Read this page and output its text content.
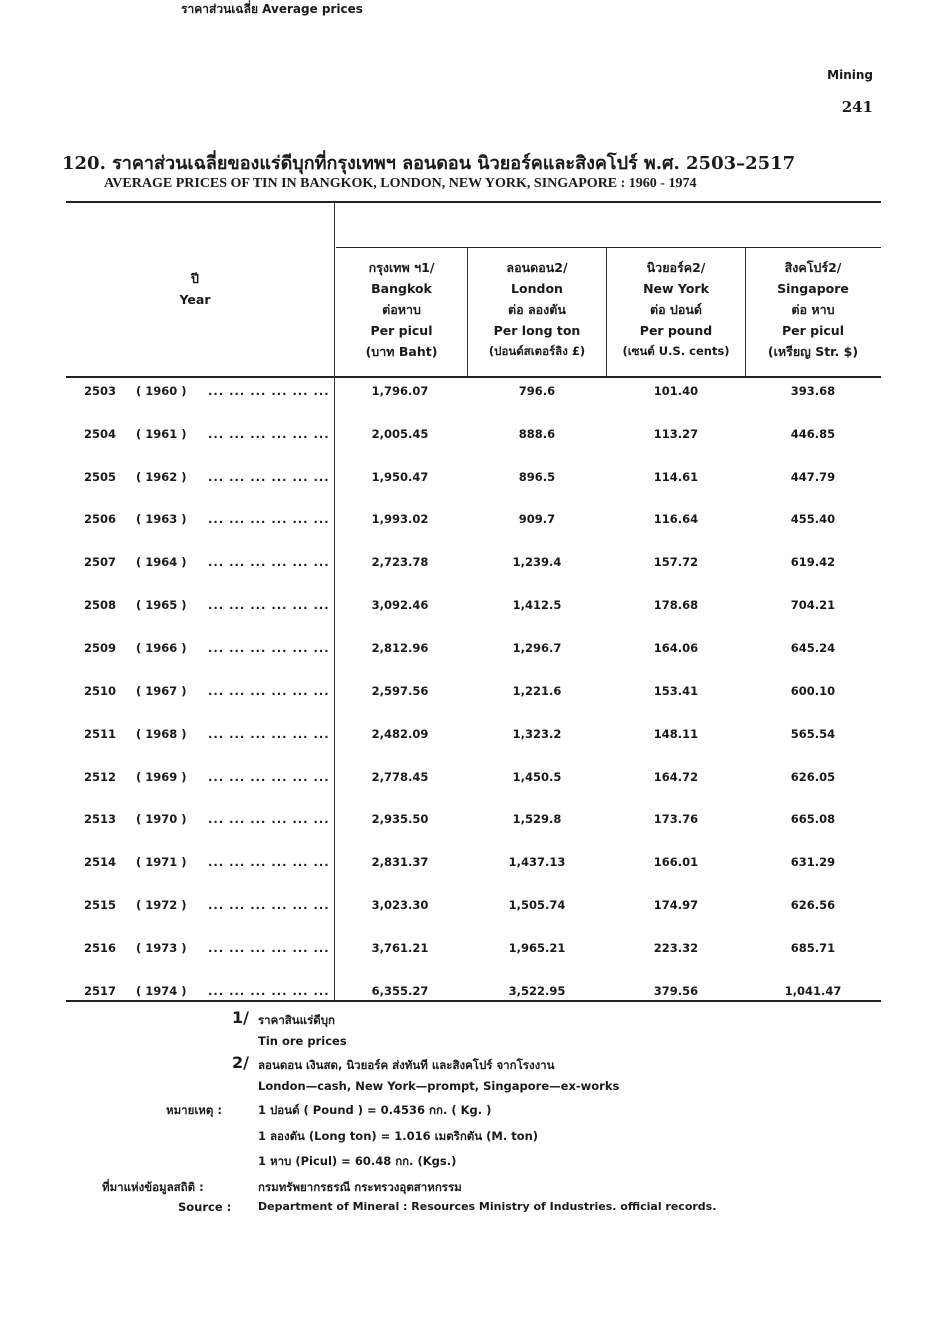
Mining
241
120. ราคาส่วนเฉลี่ยของแร่ดีบุกที่กรุงเทพฯ ลอนดอน นิวยอร์คและสิงคโปร์ พ.ศ. 2503–2517
AVERAGE PRICES OF TIN IN BANGKOK, LONDON, NEW YORK, SINGAPORE : 1960 - 1974
ราคาส่วนเฉลี่ย Average prices
ปี
Year
กรุงเทพ ฯ1/
Bangkok
ต่อหาบ
Per picul
(บาท Baht)
ลอนดอน2/
London
ต่อ ลองตัน
Per long ton
(ปอนด์สเตอร์ลิง £)
นิวยอร์ค2/
New York
ต่อ ปอนด์
Per pound
(เซนต์ U.S. cents)
สิงคโปร์2/
Singapore
ต่อ หาบ
Per picul
(เหรียญ Str. $)
2503 ( 1960 ) ... ... ... ... ... ...	1,796.07	796.6	101.40	393.68
2504 ( 1961 ) ... ... ... ... ... ...	2,005.45	888.6	113.27	446.85
2505 ( 1962 ) ... ... ... ... ... ...	1,950.47	896.5	114.61	447.79
2506 ( 1963 ) ... ... ... ... ... ...	1,993.02	909.7	116.64	455.40
2507 ( 1964 ) ... ... ... ... ... ...	2,723.78	1,239.4	157.72	619.42
2508 ( 1965 ) ... ... ... ... ... ...	3,092.46	1,412.5	178.68	704.21
2509 ( 1966 ) ... ... ... ... ... ...	2,812.96	1,296.7	164.06	645.24
2510 ( 1967 ) ... ... ... ... ... ...	2,597.56	1,221.6	153.41	600.10
2511 ( 1968 ) ... ... ... ... ... ...	2,482.09	1,323.2	148.11	565.54
2512 ( 1969 ) ... ... ... ... ... ...	2,778.45	1,450.5	164.72	626.05
2513 ( 1970 ) ... ... ... ... ... ...	2,935.50	1,529.8	173.76	665.08
2514 ( 1971 ) ... ... ... ... ... ...	2,831.37	1,437.13	166.01	631.29
2515 ( 1972 ) ... ... ... ... ... ...	3,023.30	1,505.74	174.97	626.56
2516 ( 1973 ) ... ... ... ... ... ...	3,761.21	1,965.21	223.32	685.71
2517 ( 1974 ) ... ... ... ... ... ...	6,355.27	3,522.95	379.56	1,041.47
1/ ราคาสินแร่ดีบุก
Tin ore prices
2/ ลอนดอน เงินสด, นิวยอร์ค ส่งทันที และสิงคโปร์ จากโรงงาน
London—cash, New York—prompt, Singapore—ex-works
หมายเหตุ :	1 ปอนด์ ( Pound ) = 0.4536 กก. ( Kg. )
1 ลองตัน (Long ton) = 1.016 เมตริกตัน (M. ton)
1 หาบ (Picul) = 60.48 กก. (Kgs.)
ที่มาแห่งข้อมูลสถิติ :	กรมทรัพยากรธรณี กระทรวงอุตสาหกรรม
Source : Department of Mineral : Resources Ministry of Industries. official records.
